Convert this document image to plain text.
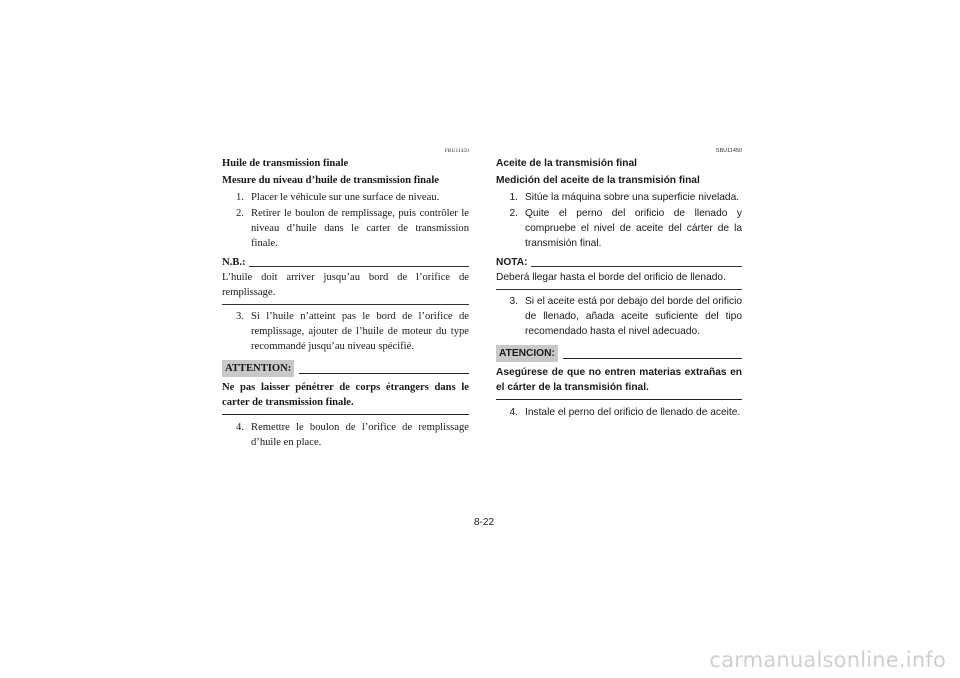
FBU11450
Huile de transmission finale
Mesure du niveau d’huile de transmission finale
1. Placer le véhicule sur une surface de niveau.
2. Retirer le boulon de remplissage, puis contrôler le niveau d’huile dans le carter de transmission finale.
N.B.:
L’huile doit arriver jusqu’au bord de l’orifice de remplissage.
3. Si l’huile n’atteint pas le bord de l’orifice de remplissage, ajouter de l’huile de moteur du type recommandé jusqu’au niveau spécifié.
ATTENTION:
Ne pas laisser pénétrer de corps étrangers dans le carter de transmission finale.
4. Remettre le boulon de l’orifice de remplissage d’huile en place.
SBU11450
Aceite de la transmisión final
Medición del aceite de la transmisión final
1. Sitúe la máquina sobre una superficie nivelada.
2. Quite el perno del orificio de llenado y compruebe el nivel de aceite del cárter de la transmisión final.
NOTA:
Deberá llegar hasta el borde del orificio de llenado.
3. Si el aceite está por debajo del borde del orificio de llenado, añada aceite suficiente del tipo recomendado hasta el nivel adecuado.
ATENCION:
Asegúrese de que no entren materias extrañas en el cárter de la transmisión final.
4. Instale el perno del orificio de llenado de aceite.
8-22
carmanualsonline.info
